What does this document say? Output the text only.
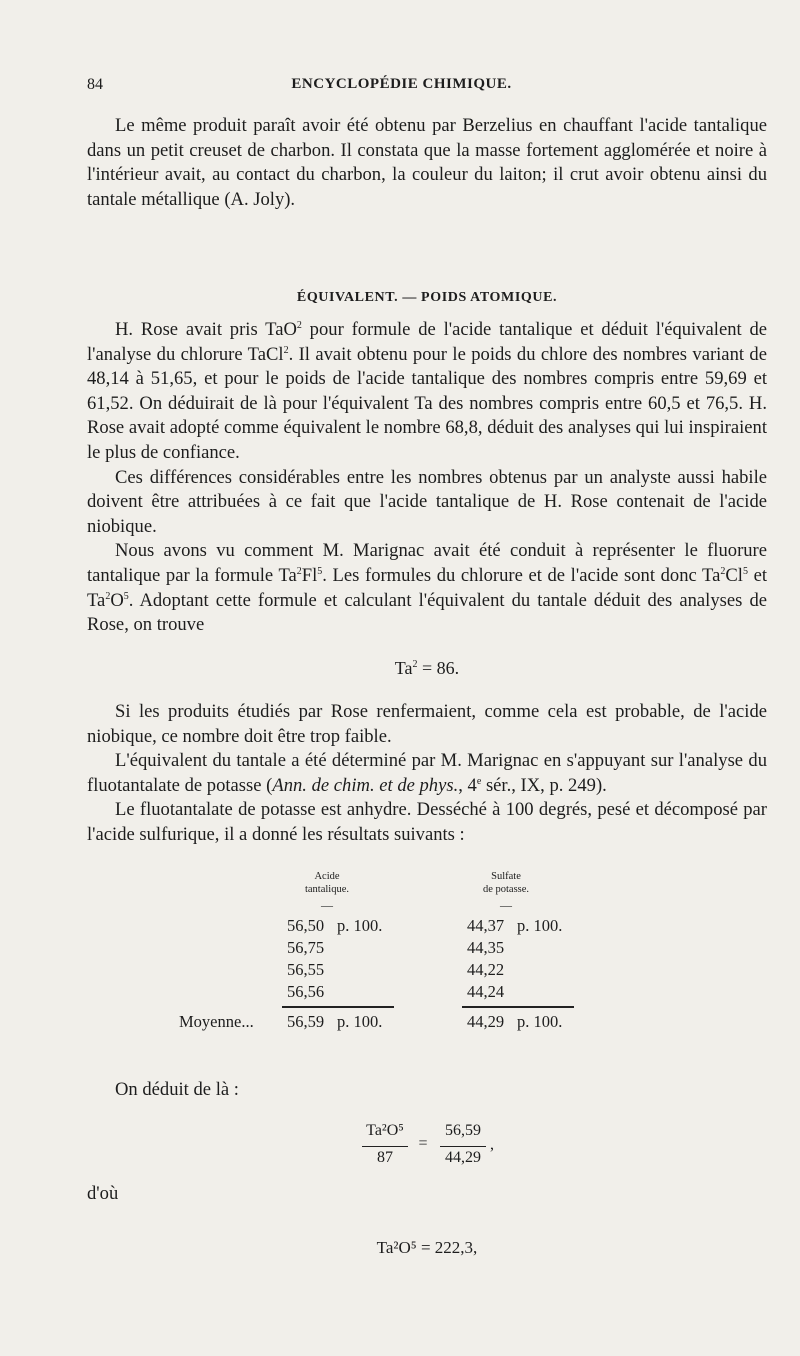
84	ENCYCLOPÉDIE CHIMIQUE.

Le même produit paraît avoir été obtenu par Berzelius en chauffant l'acide tantalique dans un petit creuset de charbon. Il constata que la masse fortement agglomérée et noire à l'intérieur avait, au contact du charbon, la couleur du laiton; il crut avoir obtenu ainsi du tantale métallique (A. Joly).

ÉQUIVALENT. — POIDS ATOMIQUE.

H. Rose avait pris TaO$^2$ pour formule de l'acide tantalique et déduit l'équivalent de l'analyse du chlorure TaCl$^2$. Il avait obtenu pour le poids du chlore des nombres variant de 48,14 à 51,65, et pour le poids de l'acide tantalique des nombres compris entre 59,69 et 61,52. On déduirait de là pour l'équivalent Ta des nombres compris entre 60,5 et 76,5. H. Rose avait adopté comme équivalent le nombre 68,8, déduit des analyses qui lui inspiraient le plus de confiance.

Ces différences considérables entre les nombres obtenus par un analyste aussi habile doivent être attribuées à ce fait que l'acide tantalique de H. Rose contenait de l'acide niobique.

Nous avons vu comment M. Marignac avait été conduit à représenter le fluorure tantalique par la formule Ta$^2$Fl$^5$. Les formules du chlorure et de l'acide sont donc Ta$^2$Cl$^5$ et $Ta^2O^5$. Adoptant cette formule et calculant l'équivalent du tantale déduit des analyses de Rose, on trouve

$Ta^2 = 86$.

Si les produits étudiés par Rose renfermaient, comme cela est probable, de l'acide niobique, ce nombre doit être trop faible.

L'équivalent du tantale a été déterminé par M. Marignac en s'appuyant sur l'analyse du fluotantalate de potasse (Ann. de chim. et de phys., 4e sér., IX, p. 249).

Le fluotantalate de potasse est anhydre. Desséché à 100 degrés, pesé et décomposé par l'acide sulfurique, il a donné les résultats suivants :

Acide
tantalique.
Sulfate
de potasse.
—	—
56,50 p. 100.	44,37 p. 100.
56,75	44,35
56,55	44,22
56,56	44,24
Moyenne... 56,59 p. 100.	44,29 p. 100.

On déduit de là :

Ta²O⁵
87
=
56,59
44,29
,
d'où
Ta²O⁵ = 222,3,
